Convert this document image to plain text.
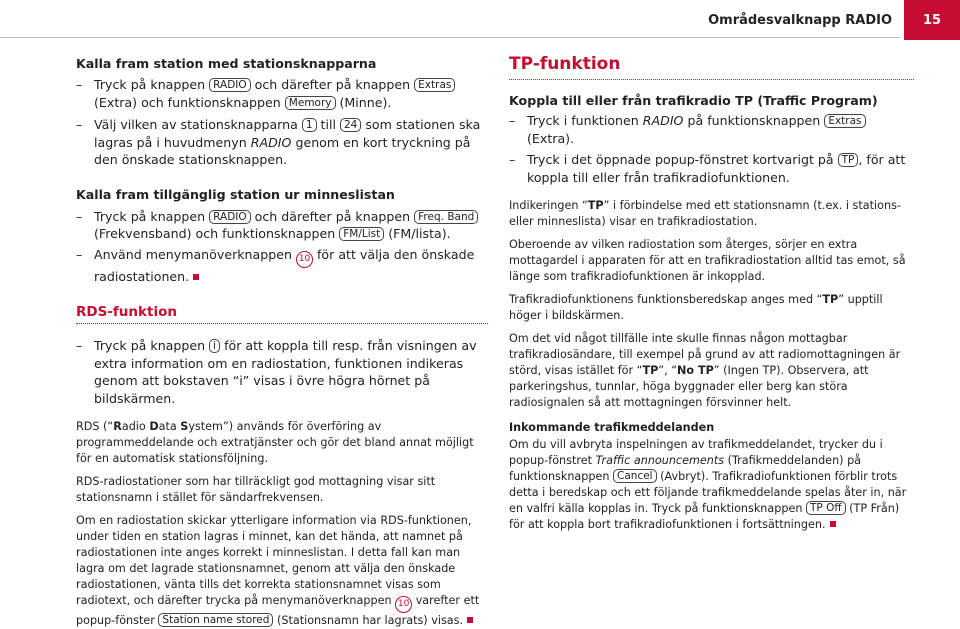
Områdesvalknapp RADIO	15

Kalla fram station med stationsknapparna

– Tryck på knappen RADIO och därefter på knappen Extras (Extra) och funktionsknappen Memory (Minne).
– Välj vilken av stationsknapparna 1 till 24 som stationen ska lagras på i huvudmenyn RADIO genom en kort tryckning på den önskade stationsknappen.

Kalla fram tillgänglig station ur minneslistan

– Tryck på knappen RADIO och därefter på knappen Freq. Band (Frekvensband) och funktionsknappen FM/List (FM/lista).
– Använd menymanöverknappen 10 för att välja den önskade radiostationen.

RDS-funktion

– Tryck på knappen i för att koppla till resp. från visningen av extra information om en radiostation, funktionen indikeras genom att bokstaven “i” visas i övre högra hörnet på bildskärmen.

RDS (“Radio Data System”) används för överföring av programmeddelande och extratjänster och gör det bland annat möjligt för en automatisk stationsföljning.

RDS-radiostationer som har tillräckligt god mottagning visar sitt stationsnamn i stället för sändarfrekvensen.

Om en radiostation skickar ytterligare information via RDS-funktionen, under tiden en station lagras i minnet, kan det hända, att namnet på radiostationen inte anges korrekt i minneslistan. I detta fall kan man lagra om det lagrade stationsnamnet, genom att välja den önskade radiostationen, vänta tills det korrekta stationsnamnet visas som radiotext, och därefter trycka på menymanöverknappen 10 varefter ett popup-fönster Station name stored (Stationsnamn har lagrats) visas.

TP-funktion

Koppla till eller från trafikradio TP (Traffic Program)

– Tryck i funktionen RADIO på funktionsknappen Extras (Extra).
– Tryck i det öppnade popup-fönstret kortvarigt på TP , för att koppla till eller från trafikradiofunktionen.

Indikeringen “TP” i förbindelse med ett stationsnamn (t.ex. i stations- eller minneslista) visar en trafikradiostation.

Oberoende av vilken radiostation som återges, sörjer en extra mottagardel i apparaten för att en trafikradiostation alltid tas emot, så länge som trafikradiofunktionen är inkopplad.

Trafikradiofunktionens funktionsberedskap anges med “TP” upptill höger i bildskärmen.

Om det vid något tillfälle inte skulle finnas någon mottagbar trafikradiosändare, till exempel på grund av att radiomottagningen är störd, visas istället för “TP”, “No TP” (Ingen TP). Observera, att parkeringshus, tunnlar, höga byggnader eller berg kan störa radiosignalen så att mottagningen försvinner helt.

Inkommande trafikmeddelanden

Om du vill avbryta inspelningen av trafikmeddelandet, trycker du i popup-fönstret Traffic announcements (Trafikmeddelanden) på funktionsknappen Cancel (Avbryt). Trafikradiofunktionen förblir trots detta i beredskap och ett följande trafikmeddelande spelas åter in, när en valfri källa kopplas in. Tryck på funktionsknappen TP Off (TP Från) för att koppla bort trafikradiofunktionen i fortsättningen.
